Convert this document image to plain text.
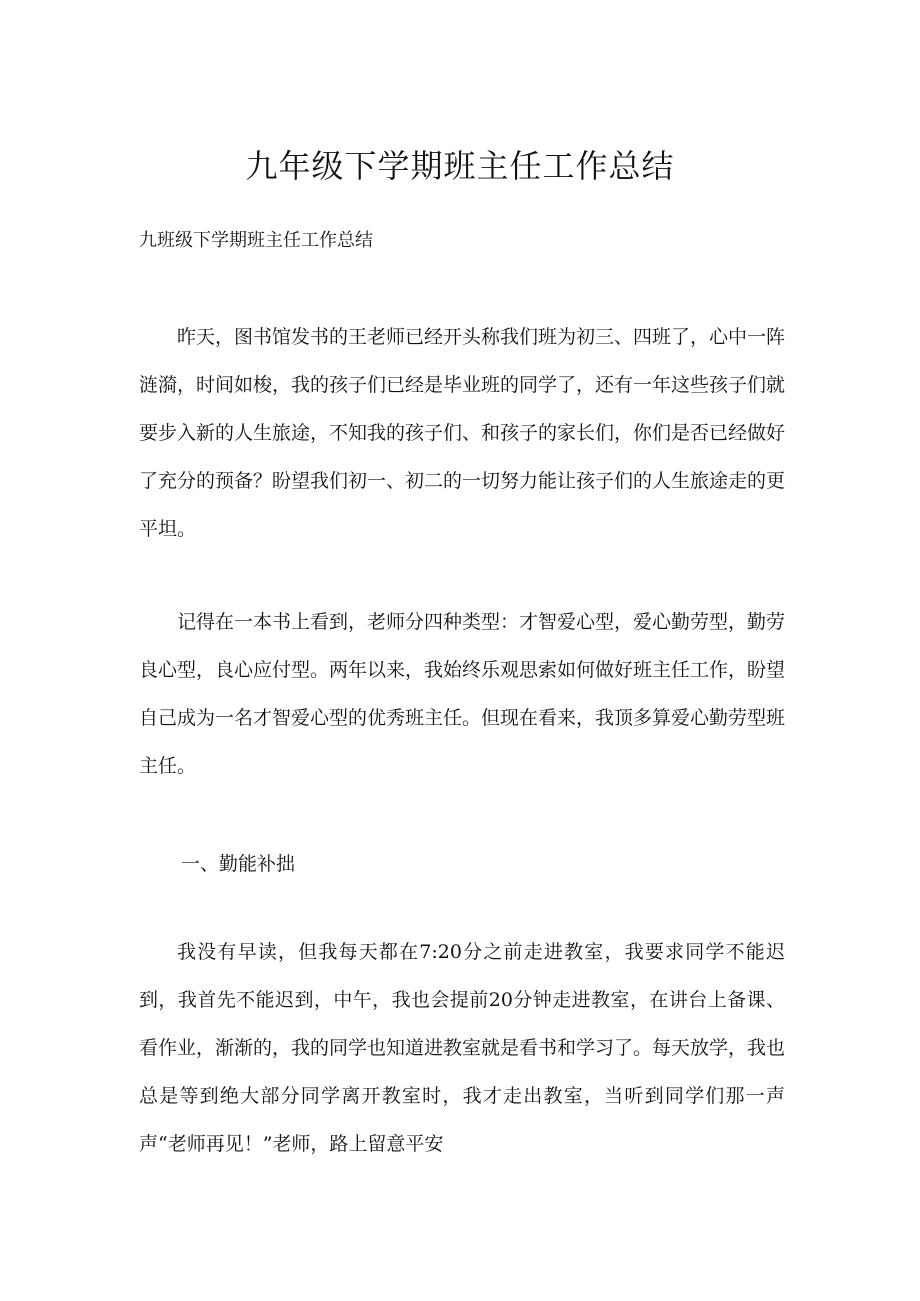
九年级下学期班主任工作总结

九班级下学期班主任工作总结

昨天，图书馆发书的王老师已经开头称我们班为初三、四班了，心中一阵涟漪，时间如梭，我的孩子们已经是毕业班的同学了，还有一年这些孩子们就要步入新的人生旅途，不知我的孩子们、和孩子的家长们，你们是否已经做好了充分的预备？盼望我们初一、初二的一切努力能让孩子们的人生旅途走的更平坦。

记得在一本书上看到，老师分四种类型：才智爱心型，爱心勤劳型，勤劳良心型，良心应付型。两年以来，我始终乐观思索如何做好班主任工作，盼望自己成为一名才智爱心型的优秀班主任。但现在看来，我顶多算爱心勤劳型班主任。

一、勤能补拙

我没有早读，但我每天都在7:20分之前走进教室，我要求同学不能迟到，我首先不能迟到，中午，我也会提前20分钟走进教室，在讲台上备课、看作业，渐渐的，我的同学也知道进教室就是看书和学习了。每天放学，我也总是等到绝大部分同学离开教室时，我才走出教室，当听到同学们那一声声“老师再见！”老师，路上留意平安
